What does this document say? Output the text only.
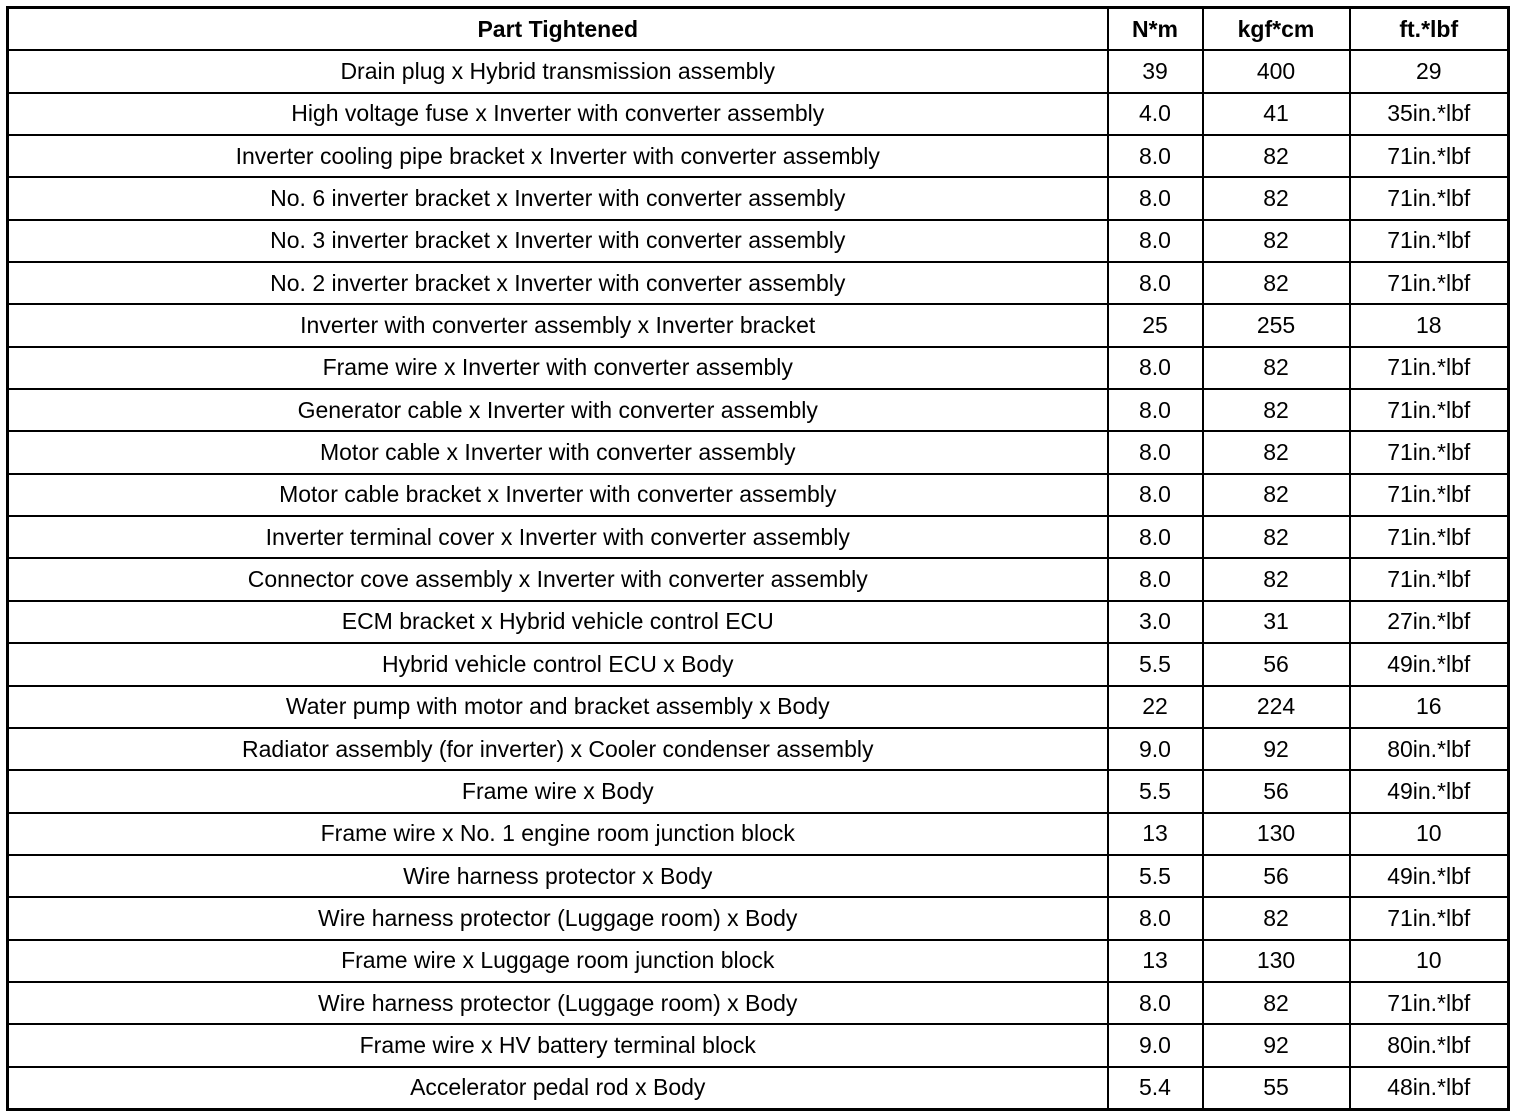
Part Tightened	N*m	kgf*cm	ft.*lbf
Drain plug x Hybrid transmission assembly	39	400	29
High voltage fuse x Inverter with converter assembly	4.0	41	35in.*lbf
Inverter cooling pipe bracket x Inverter with converter assembly	8.0	82	71in.*lbf
No. 6 inverter bracket x Inverter with converter assembly	8.0	82	71in.*lbf
No. 3 inverter bracket x Inverter with converter assembly	8.0	82	71in.*lbf
No. 2 inverter bracket x Inverter with converter assembly	8.0	82	71in.*lbf
Inverter with converter assembly x Inverter bracket	25	255	18
Frame wire x Inverter with converter assembly	8.0	82	71in.*lbf
Generator cable x Inverter with converter assembly	8.0	82	71in.*lbf
Motor cable x Inverter with converter assembly	8.0	82	71in.*lbf
Motor cable bracket x Inverter with converter assembly	8.0	82	71in.*lbf
Inverter terminal cover x Inverter with converter assembly	8.0	82	71in.*lbf
Connector cove assembly x Inverter with converter assembly	8.0	82	71in.*lbf
ECM bracket x Hybrid vehicle control ECU	3.0	31	27in.*lbf
Hybrid vehicle control ECU x Body	5.5	56	49in.*lbf
Water pump with motor and bracket assembly x Body	22	224	16
Radiator assembly (for inverter) x Cooler condenser assembly	9.0	92	80in.*lbf
Frame wire x Body	5.5	56	49in.*lbf
Frame wire x No. 1 engine room junction block	13	130	10
Wire harness protector x Body	5.5	56	49in.*lbf
Wire harness protector (Luggage room) x Body	8.0	82	71in.*lbf
Frame wire x Luggage room junction block	13	130	10
Wire harness protector (Luggage room) x Body	8.0	82	71in.*lbf
Frame wire x HV battery terminal block	9.0	92	80in.*lbf
Accelerator pedal rod x Body	5.4	55	48in.*lbf
